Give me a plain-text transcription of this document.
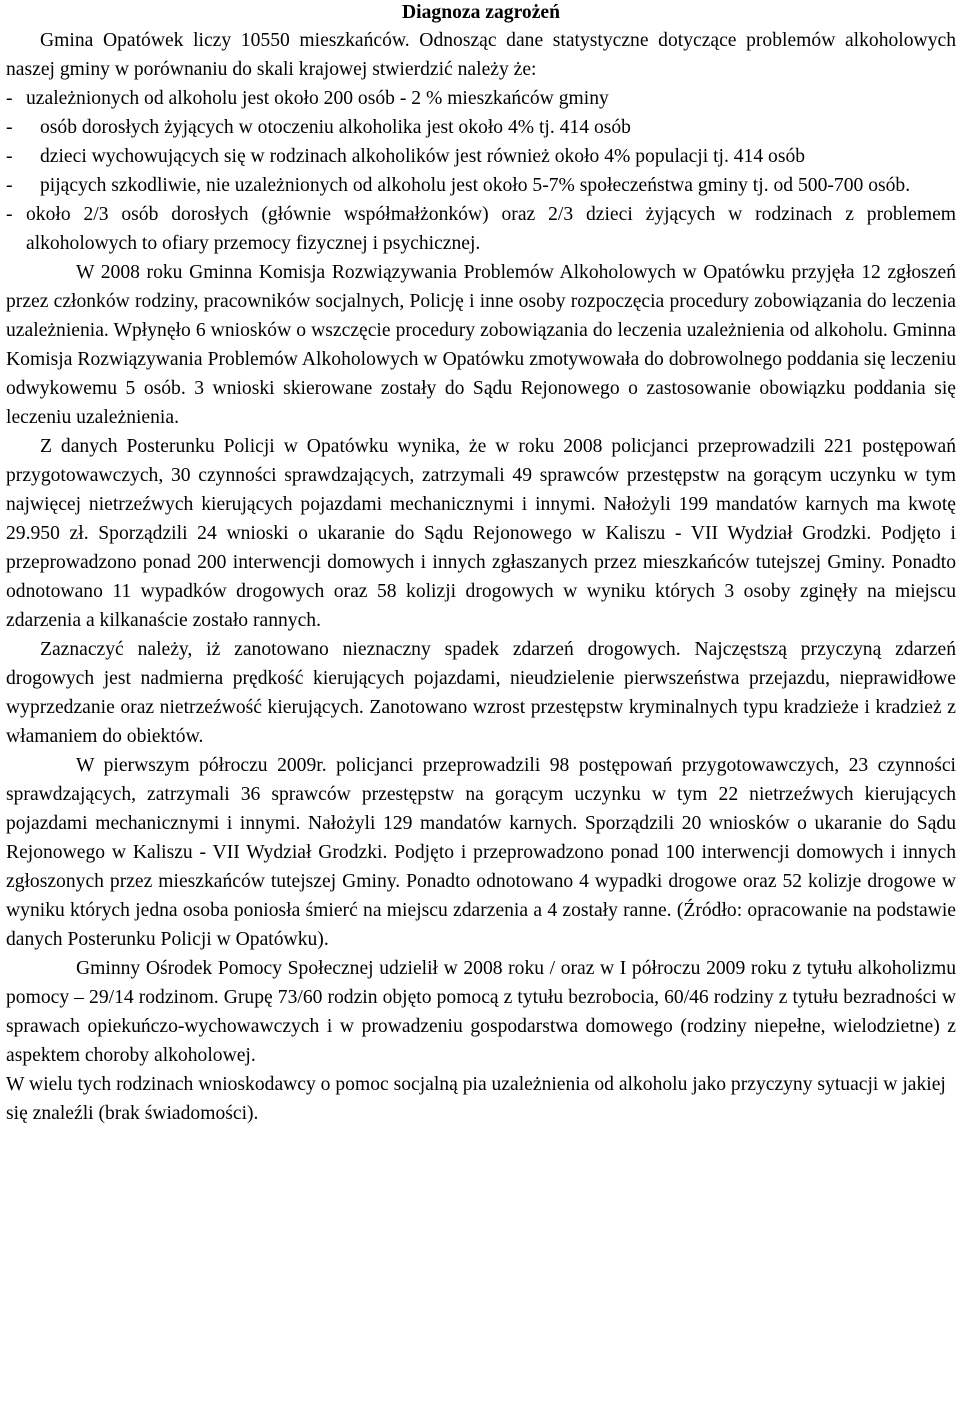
Diagnoza zagrożeń

Gmina Opatówek liczy 10550 mieszkańców. Odnosząc dane statystyczne dotyczące problemów alkoholowych naszej gminy w porównaniu do skali krajowej stwierdzić należy że:

- uzależnionych od alkoholu jest około 200 osób - 2 % mieszkańców gminy
- osób dorosłych żyjących w otoczeniu alkoholika jest około 4% tj. 414 osób
- dzieci wychowujących się w rodzinach alkoholików jest również około 4% populacji tj. 414 osób
- pijących szkodliwie, nie uzależnionych od alkoholu jest około 5-7% społeczeństwa gminy tj. od 500-700 osób.
- około 2/3 osób dorosłych (głównie współmałżonków) oraz 2/3 dzieci żyjących w rodzinach z problemem alkoholowych to ofiary przemocy fizycznej i psychicznej.

W 2008 roku Gminna Komisja Rozwiązywania Problemów Alkoholowych w Opatówku przyjęła 12 zgłoszeń przez członków rodziny, pracowników socjalnych, Policję i inne osoby rozpoczęcia procedury zobowiązania do leczenia uzależnienia. Wpłynęło 6 wniosków o wszczęcie procedury zobowiązania do leczenia uzależnienia od alkoholu. Gminna Komisja Rozwiązywania Problemów Alkoholowych w Opatówku zmotywowała do dobrowolnego poddania się leczeniu odwykowemu 5 osób. 3 wnioski skierowane zostały do Sądu Rejonowego o zastosowanie obowiązku poddania się leczeniu uzależnienia.

Z danych Posterunku Policji w Opatówku wynika, że w roku 2008 policjanci przeprowadzili 221 postępowań przygotowawczych, 30 czynności sprawdzających, zatrzymali 49 sprawców przestępstw na gorącym uczynku w tym najwięcej nietrzeźwych kierujących pojazdami mechanicznymi i innymi. Nałożyli 199 mandatów karnych ma kwotę 29.950 zł. Sporządzili 24 wnioski o ukaranie do Sądu Rejonowego w Kaliszu - VII Wydział Grodzki. Podjęto i przeprowadzono ponad 200 interwencji domowych i innych zgłaszanych przez mieszkańców tutejszej Gminy. Ponadto odnotowano 11 wypadków drogowych oraz 58 kolizji drogowych w wyniku których 3 osoby zginęły na miejscu zdarzenia a kilkanaście zostało rannych.

Zaznaczyć należy, iż zanotowano nieznaczny spadek zdarzeń drogowych. Najczęstszą przyczyną zdarzeń drogowych jest nadmierna prędkość kierujących pojazdami, nieudzielenie pierwszeństwa przejazdu, nieprawidłowe wyprzedzanie oraz nietrzeźwość kierujących. Zanotowano wzrost przestępstw kryminalnych typu kradzieże i kradzież z włamaniem do obiektów.

W pierwszym półroczu 2009r. policjanci przeprowadzili 98 postępowań przygotowawczych, 23 czynności sprawdzających, zatrzymali 36 sprawców przestępstw na gorącym uczynku w tym 22 nietrzeźwych kierujących pojazdami mechanicznymi i innymi. Nałożyli 129 mandatów karnych. Sporządzili 20 wniosków o ukaranie do Sądu Rejonowego w Kaliszu - VII Wydział Grodzki. Podjęto i przeprowadzono ponad 100 interwencji domowych i innych zgłoszonych przez mieszkańców tutejszej Gminy. Ponadto odnotowano 4 wypadki drogowe oraz 52 kolizje drogowe w wyniku których jedna osoba poniosła śmierć na miejscu zdarzenia a 4 zostały ranne. (Źródło: opracowanie na podstawie danych Posterunku Policji w Opatówku).

Gminny Ośrodek Pomocy Społecznej udzielił w 2008 roku / oraz w I półroczu 2009 roku z tytułu alkoholizmu pomocy – 29/14 rodzinom. Grupę 73/60 rodzin objęto pomocą z tytułu bezrobocia, 60/46 rodziny z tytułu bezradności w sprawach opiekuńczo-wychowawczych i w prowadzeniu gospodarstwa domowego (rodziny niepełne, wielodzietne) z aspektem choroby alkoholowej.

W wielu tych rodzinach wnioskodawcy o pomoc socjalną pia uzależnienia od alkoholu jako przyczyny sytuacji w jakiej się znaleźli (brak świadomości).
